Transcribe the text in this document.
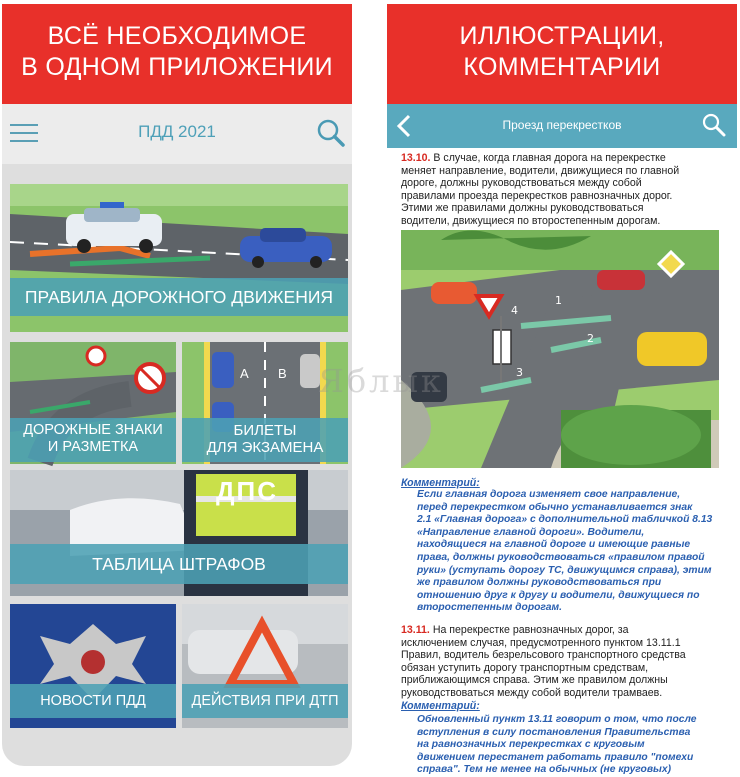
ВСЁ НЕОБХОДИМОЕ
В ОДНОМ ПРИЛОЖЕНИИ
ПДД 2021
ПРАВИЛА ДОРОЖНОГО ДВИЖЕНИЯ
ДОРОЖНЫЕ ЗНАКИ
И РАЗМЕТКА
A B
БИЛЕТЫ
ДЛЯ ЭКЗАМЕНА
ДПС
ТАБЛИЦА ШТРАФОВ
НОВОСТИ ПДД	ДЕЙСТВИЯ ПРИ ДТП
ИЛЛЮСТРАЦИИ,
КОММЕНТАРИИ
Проезд перекрестков
13.10. В случае, когда главная дорога на перекрестке
меняет направление, водители, движущиеся по главной
дороге, должны руководствоваться между собой
правилами проезда перекрестков равнозначных дорог.
Этими же правилами должны руководствоваться
водители, движущиеся по второстепенным дорогам.
1
2
3
4
Комментарий:
Если главная дорога изменяет свое направление,
перед перекрестком обычно устанавливается знак
2.1 «Главная дорога» с дополнительной табличкой 8.13
«Направление главной дороги». Водители,
находящиеся на главной дороге и имеющие равные
права, должны руководствоваться «правилом правой
руки» (уступать дорогу ТС, движущимся справа), этим
же правилом должны руководствоваться при
отношению друг к другу и водители, движущиеся по
второстепенным дорогам.
13.11. На перекрестке равнозначных дорог, за
исключением случая, предусмотренного пунктом 13.11.1
Правил, водитель безрельсового транспортного средства
обязан уступить дорогу транспортным средствам,
приближающимся справа. Этим же правилом должны
руководствоваться между собой водители трамваев.
Комментарий:
Обновленный пункт 13.11 говорит о том, что после
вступления в силу постановления Правительства
на равнозначных перекрестках с круговым
движением перестанет работать правило "помехи
справа". Тем не менее на обычных (не круговых)
Яблык
